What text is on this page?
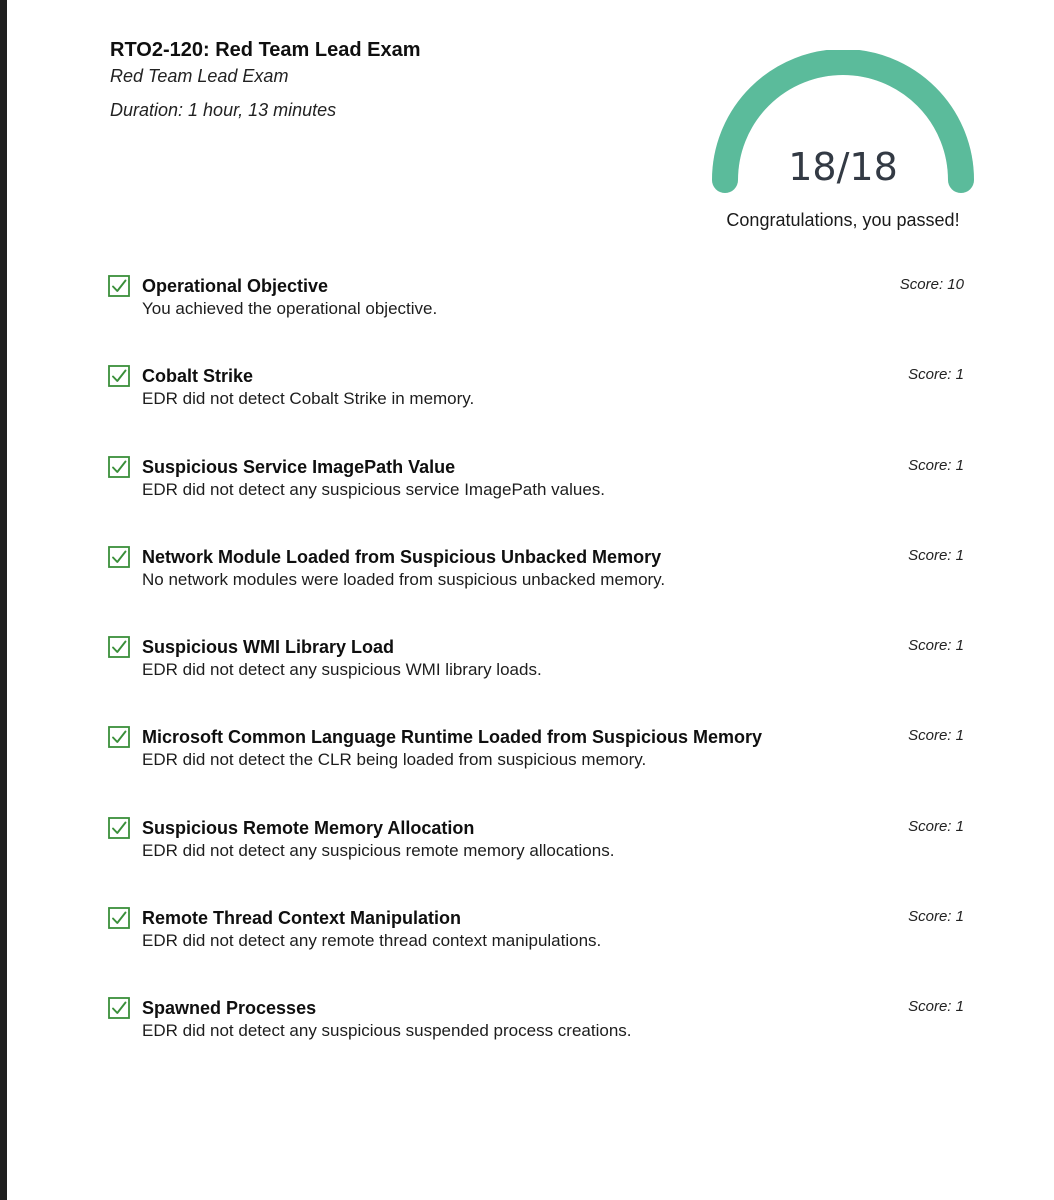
RTO2-120: Red Team Lead Exam
Red Team Lead Exam
Duration: 1 hour, 13 minutes
18/18
Congratulations, you passed!
Operational Objective
You achieved the operational objective.
Score: 10
Cobalt Strike
EDR did not detect Cobalt Strike in memory.
Score: 1
Suspicious Service ImagePath Value
EDR did not detect any suspicious service ImagePath values.
Score: 1
Network Module Loaded from Suspicious Unbacked Memory
No network modules were loaded from suspicious unbacked memory.
Score: 1
Suspicious WMI Library Load
EDR did not detect any suspicious WMI library loads.
Score: 1
Microsoft Common Language Runtime Loaded from Suspicious Memory
EDR did not detect the CLR being loaded from suspicious memory.
Score: 1
Suspicious Remote Memory Allocation
EDR did not detect any suspicious remote memory allocations.
Score: 1
Remote Thread Context Manipulation
EDR did not detect any remote thread context manipulations.
Score: 1
Spawned Processes
EDR did not detect any suspicious suspended process creations.
Score: 1
